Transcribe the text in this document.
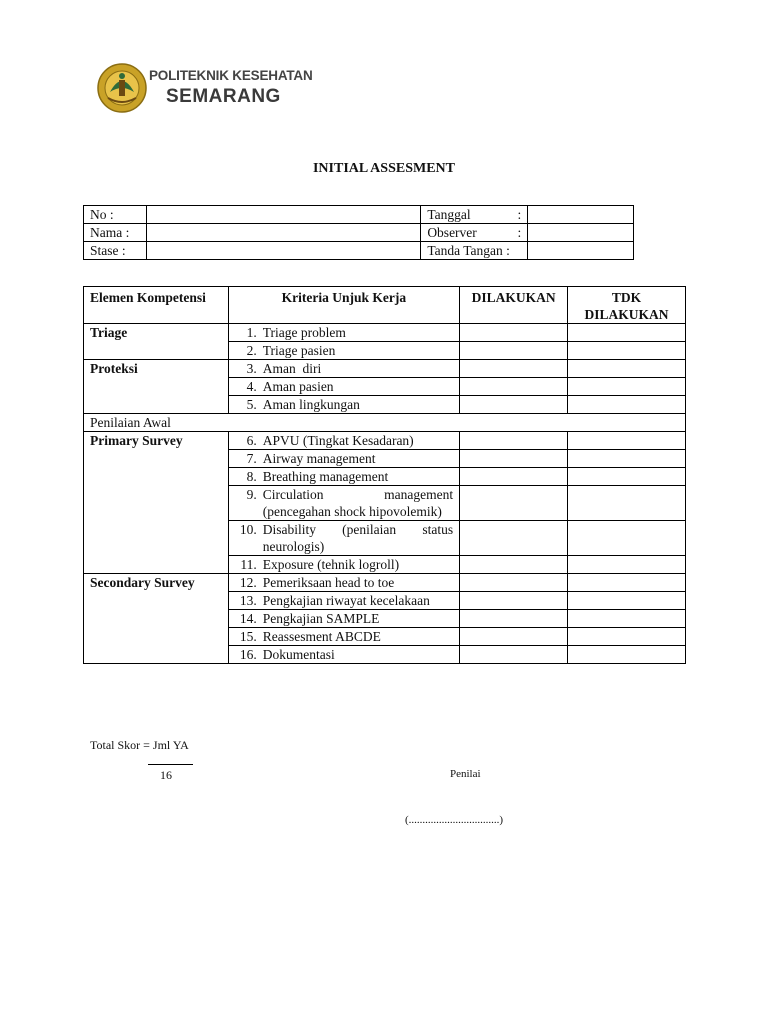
POLITEKNIK KESEHATAN
SEMARANG
INITIAL ASSESMENT
No :		Tanggal :	

Nama :		Observer :	

Stase :		Tanda Tangan :	
Elemen Kompetensi	Kriteria Unjuk Kerja	DILAKUKAN	TDK DILAKUKAN
Triage	1. Triage problem		

	2. Triage pasien		

Proteksi	3. Aman  diri		

	4. Aman pasien		

	5. Aman lingkungan		

Penilaian Awal			
Primary Survey	6. APVU (Tingkat Kesadaran)		

	7. Airway management		

	8. Breathing management		

	9. Circulation management (pencegahan shock hipovolemik)		

	10. Disability (penilaian status neurologis)		

	11. Exposure (tehnik logroll)		

Secondary Survey	12. Pemeriksaan head to toe		

	13. Pengkajian riwayat kecelakaan		

	14. Pengkajian SAMPLE		

	15. Reassesment ABCDE		

	16. Dokumentasi		

Total Skor = Jml YA
16	Penilai
(.................................)
